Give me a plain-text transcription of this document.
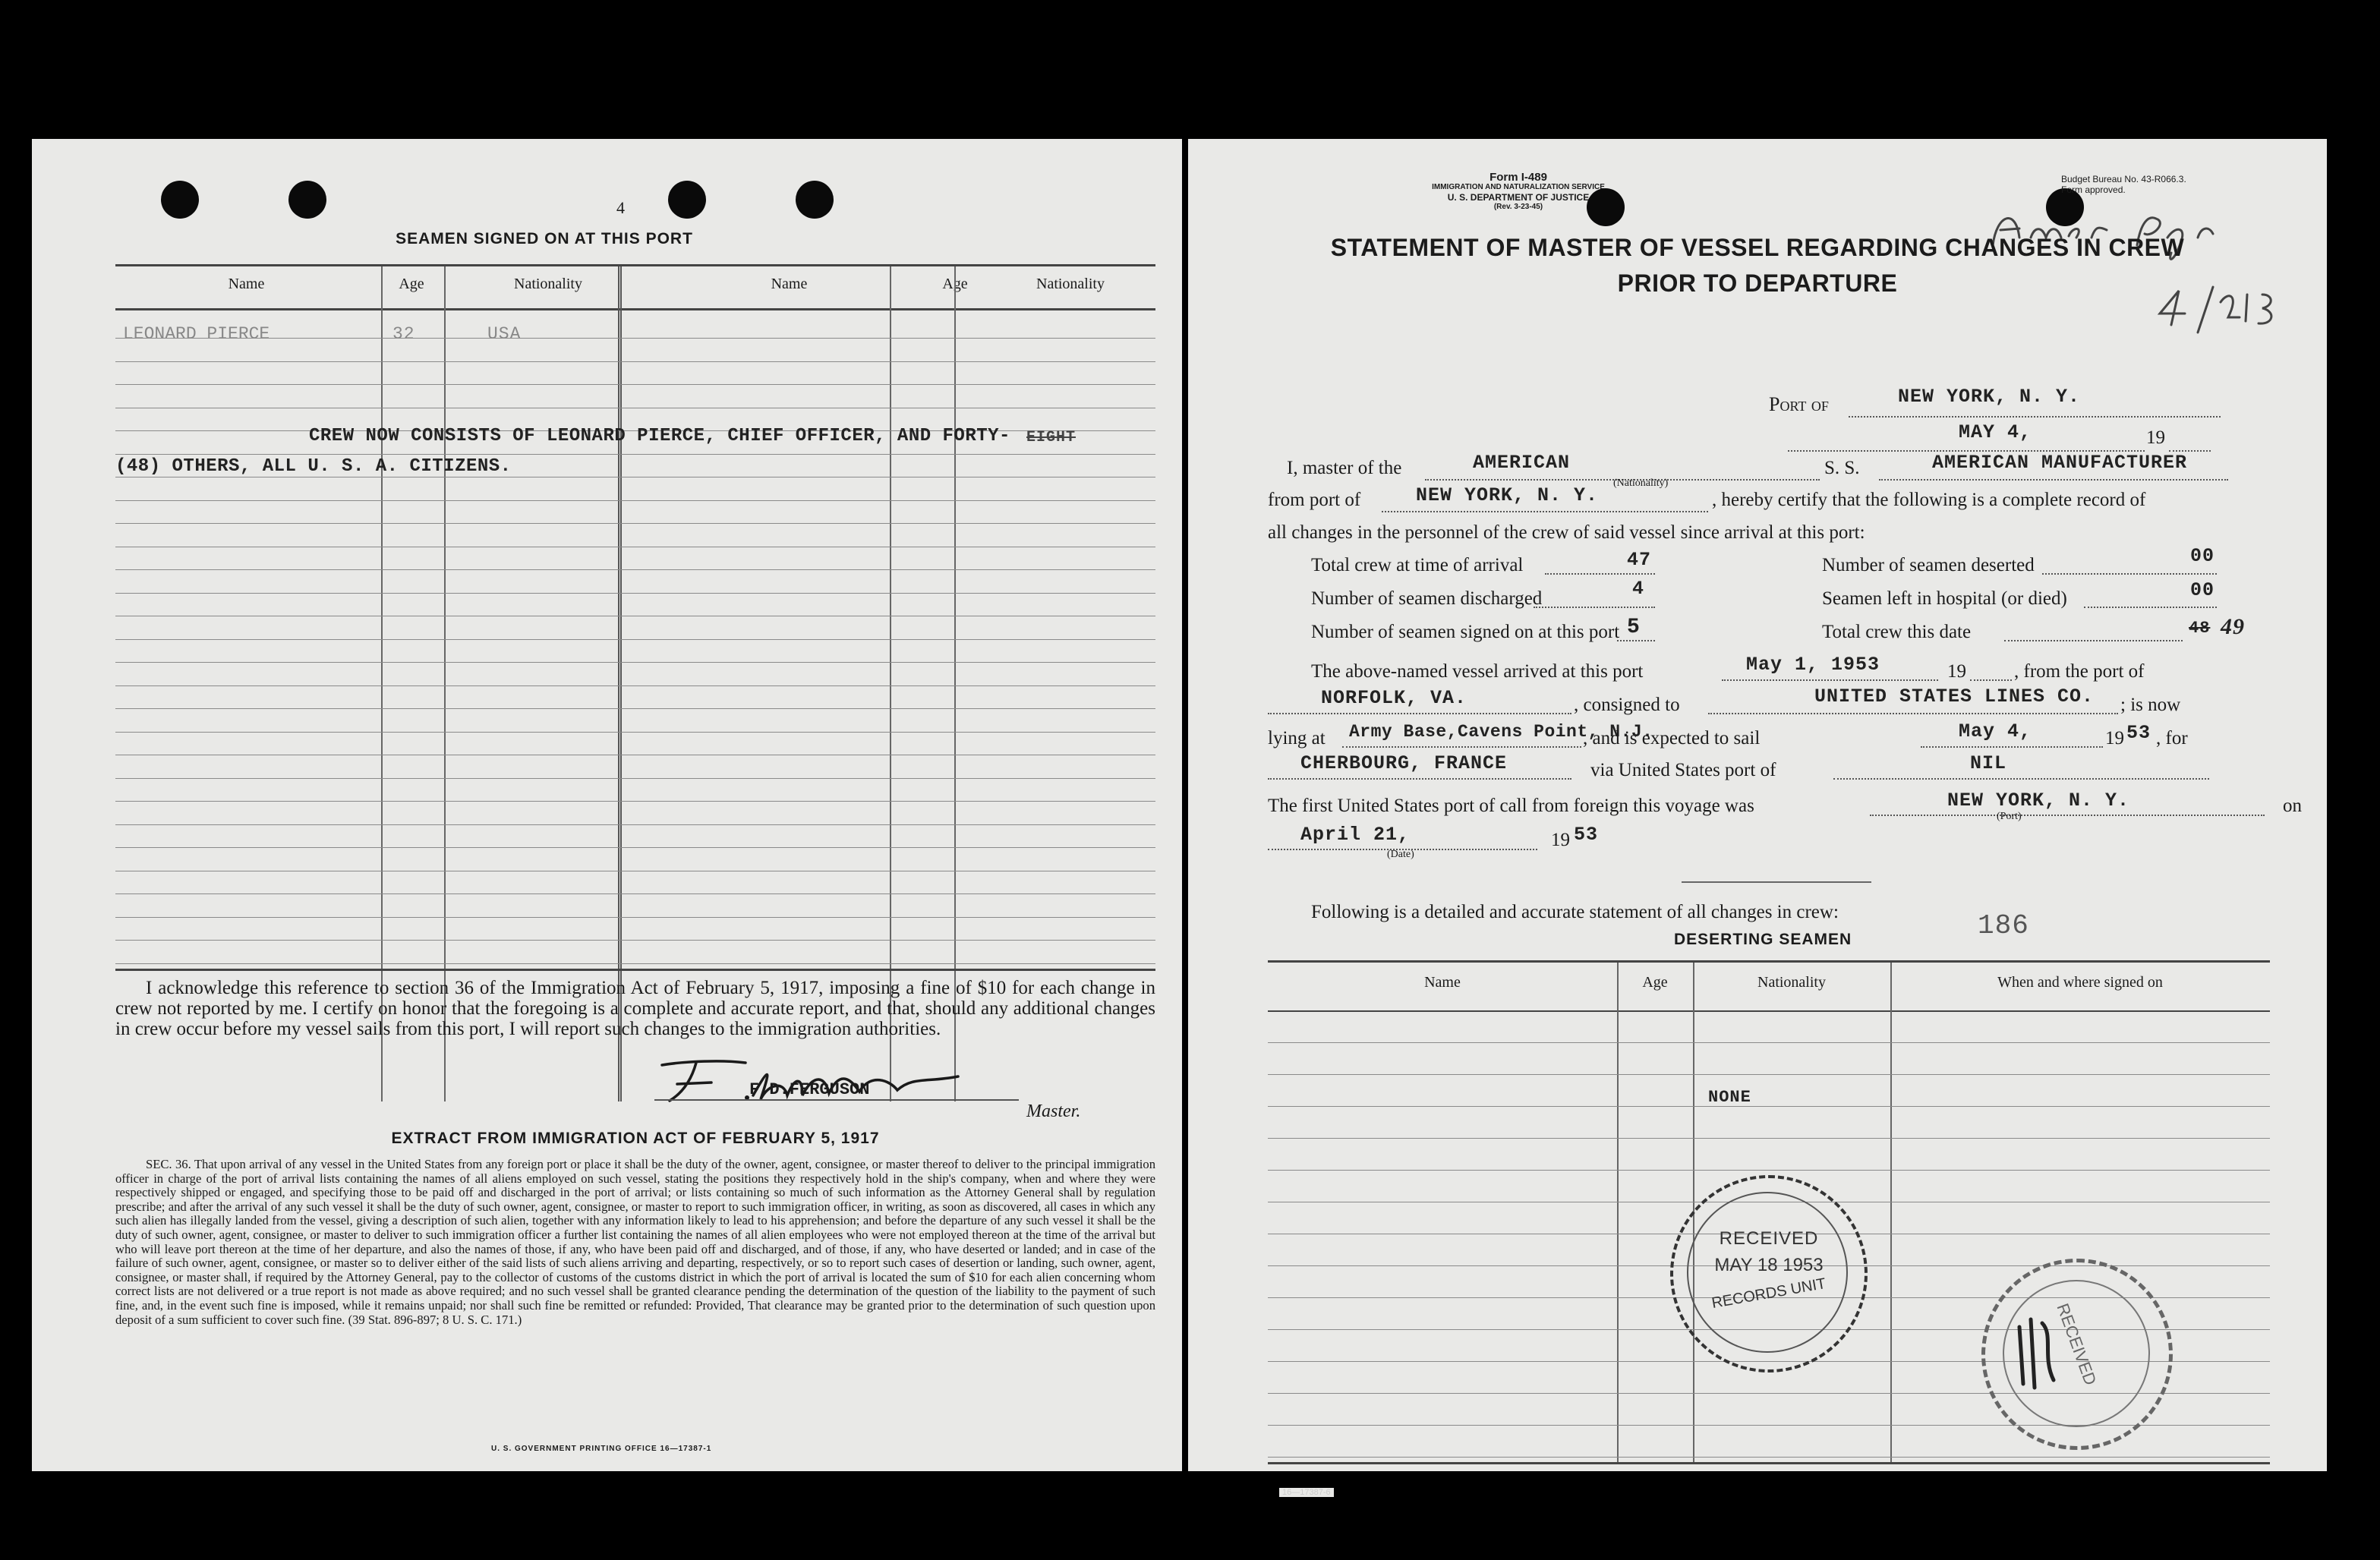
4
SEAMEN SIGNED ON AT THIS PORT
Name	Age	Nationality	Name	Age	Nationality
LEONARD PIERCE	32	USA
CREW NOW CONSISTS OF LEONARD PIERCE, CHIEF OFFICER, AND FORTY- EIGHT
(48) OTHERS, ALL U. S. A. CITIZENS.
I acknowledge this reference to section 36 of the Immigration Act of February 5, 1917, imposing a fine of $10 for each change in crew not reported by me. I certify on honor that the foregoing is a complete and accurate report, and that, should any additional changes in crew occur before my vessel sails from this port, I will report such changes to the immigration authorities.
F.D.FERGUSON
Master.
EXTRACT FROM IMMIGRATION ACT OF FEBRUARY 5, 1917
SEC. 36. That upon arrival of any vessel in the United States from any foreign port or place it shall be the duty of the owner, agent, consignee, or master thereof to deliver to the principal immigration officer in charge of the port of arrival lists containing the names of all aliens employed on such vessel, stating the positions they respectively hold in the ship's company, when and where they were respectively shipped or engaged, and specifying those to be paid off and discharged in the port of arrival; or lists containing so much of such information as the Attorney General shall by regulation prescribe; and after the arrival of any such vessel it shall be the duty of such owner, agent, consignee, or master to report to such immigration officer, in writing, as soon as discovered, all cases in which any such alien has illegally landed from the vessel, giving a description of such alien, together with any information likely to lead to his apprehension; and before the departure of any such vessel it shall be the duty of such owner, agent, consignee, or master to deliver to such immigration officer a further list containing the names of all alien employees who were not employed thereon at the time of the arrival but who will leave port thereon at the time of her departure, and also the names of those, if any, who have been paid off and discharged, and of those, if any, who have deserted or landed; and in case of the failure of such owner, agent, consignee, or master so to deliver either of the said lists of such aliens arriving and departing, respectively, or so to report such cases of desertion or landing, such owner, agent, consignee, or master shall, if required by the Attorney General, pay to the collector of customs of the customs district in which the port of arrival is located the sum of $10 for each alien concerning whom correct lists are not delivered or a true report is not made as above required; and no such vessel shall be granted clearance pending the determination of the question of the liability to the payment of such fine, and, in the event such fine is imposed, while it remains unpaid; nor shall such fine be remitted or refunded: Provided, That clearance may be granted prior to the determination of such question upon deposit of a sum sufficient to cover such fine. (39 Stat. 896-897; 8 U. S. C. 171.)
U. S. GOVERNMENT PRINTING OFFICE 16—17387-1
Form I-489
IMMIGRATION AND NATURALIZATION SERVICE
U. S. DEPARTMENT OF JUSTICE
(Rev. 3-23-45)
Budget Bureau No. 43-R066.3.
Form approved.
STATEMENT OF MASTER OF VESSEL REGARDING CHANGES IN CREW
PRIOR TO DEPARTURE
Port of	NEW YORK, N. Y.
MAY 4,	19
I, master of the	AMERICAN
(Nationality)
S. S.	AMERICAN MANUFACTURER
from port of	NEW YORK, N. Y.	, hereby certify that the following is a complete record of
all changes in the personnel of the crew of said vessel since arrival at this port:
Total crew at time of arrival	47	Number of seamen deserted	00
Number of seamen discharged	4	Seamen left in hospital (or died)	00
Number of seamen signed on at this port 5	Total crew this date	49
48
The above-named vessel arrived at this port	May 1, 1953	19	, from the port of
NORFOLK, VA.	, consigned to	UNITED STATES LINES CO. ; is now
lying at Army Base,Cavens Point, N.J.
, and is expected to sail	May 4,	19 53 , for
CHERBOURG, FRANCE	via United States port of	NIL
The first United States port of call from foreign this voyage was	NEW YORK, N. Y.
(Port)
on
April 21,
(Date)
19 53
Following is a detailed and accurate statement of all changes in crew:	186
DESERTING SEAMEN
Name	Age	Nationality	When and where signed on
NONE
RECEIVED
MAY 18 1953
RECORDS UNIT
RECEIVED
16—17387-6
